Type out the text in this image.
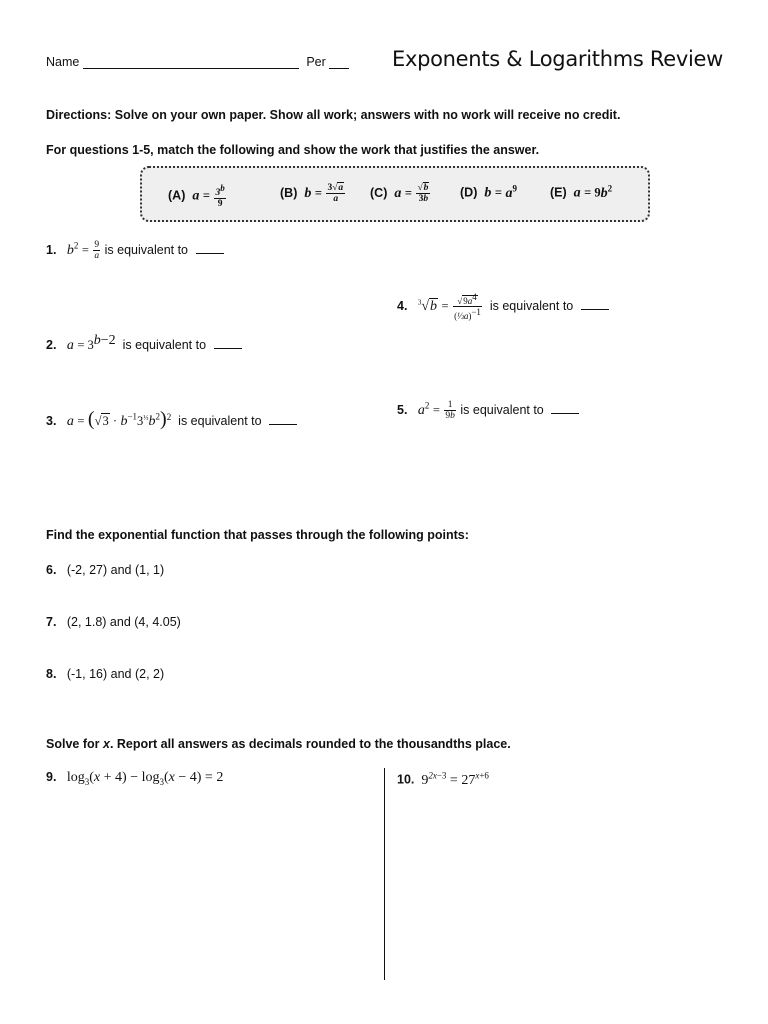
Name	Per	Exponents & Logarithms Review
Directions: Solve on your own paper. Show all work; answers with no work will receive no credit.
For questions 1-5, match the following and show the work that justifies the answer.
(A)  $a = \frac{3^b}{9}$	(B)  $b = \frac{3√a}{a} (C) a = \frac{√b}{3b} (D) b = a^9$	(E)  $a = 9b^2$
1. $b^2 = \frac{9}{a}$ is equivalent to
4. $^3√b = \frac{√9a^4}{(\frac{1}{3}a)^{-1}}$ is equivalent to
2. $a = 3^{b-2}$ is equivalent to
3. $a = (√3 \cdot b^{-1}3^{\frac{1}{3}}b^2)^2$ is equivalent to
5. $a^2 = \frac{1}{9b}$ is equivalent to
Find the exponential function that passes through the following points:
6. (-2, 27) and (1, 1)
7. (2, 1.8) and (4, 4.05)
8. (-1, 16) and (2, 2)
Solve for x. Report all answers as decimals rounded to the thousandths place.
9. $\log_3(x + 4) - \log_3(x - 4) = 2$	10. $9^{2x-3} = 27^{x+6}$
